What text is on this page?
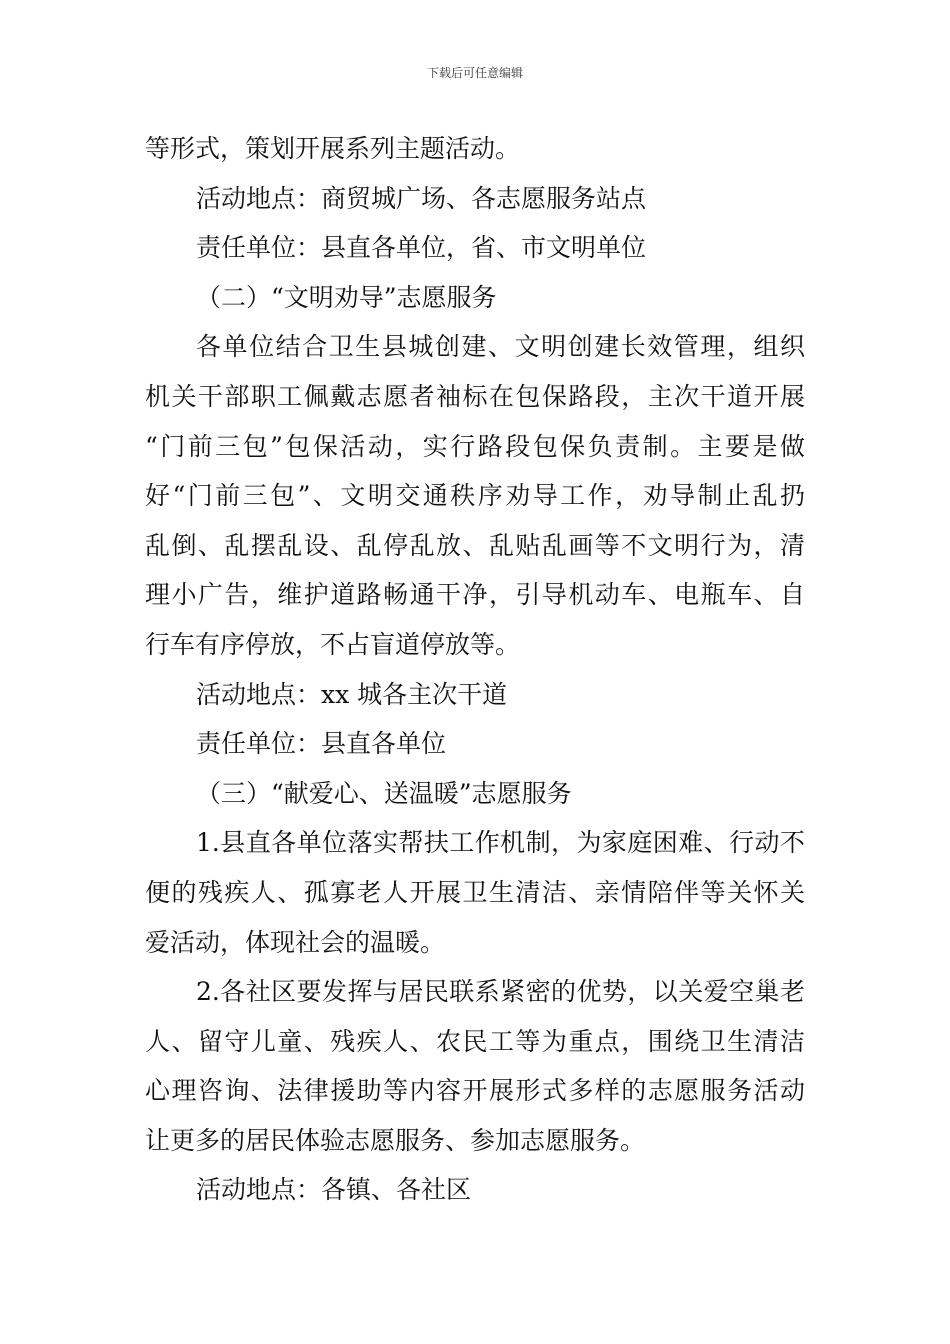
下载后可任意编辑
等形式，策划开展系列主题活动。
活动地点：商贸城广场、各志愿服务站点
责任单位：县直各单位，省、市文明单位
（二）“文明劝导”志愿服务
各单位结合卫生县城创建、文明创建长效管理，组织
机关干部职工佩戴志愿者袖标在包保路段，主次干道开展
“门前三包”包保活动，实行路段包保负责制。主要是做
好“门前三包”、文明交通秩序劝导工作，劝导制止乱扔
乱倒、乱摆乱设、乱停乱放、乱贴乱画等不文明行为，清
理小广告，维护道路畅通干净，引导机动车、电瓶车、自
行车有序停放，不占盲道停放等。
活动地点：xx 城各主次干道
责任单位：县直各单位
（三）“献爱心、送温暖”志愿服务
1.县直各单位落实帮扶工作机制，为家庭困难、行动不
便的残疾人、孤寡老人开展卫生清洁、亲情陪伴等关怀关
爱活动，体现社会的温暖。
2.各社区要发挥与居民联系紧密的优势，以关爱空巢老
人、留守儿童、残疾人、农民工等为重点，围绕卫生清洁
心理咨询、法律援助等内容开展形式多样的志愿服务活动
让更多的居民体验志愿服务、参加志愿服务。
活动地点：各镇、各社区
